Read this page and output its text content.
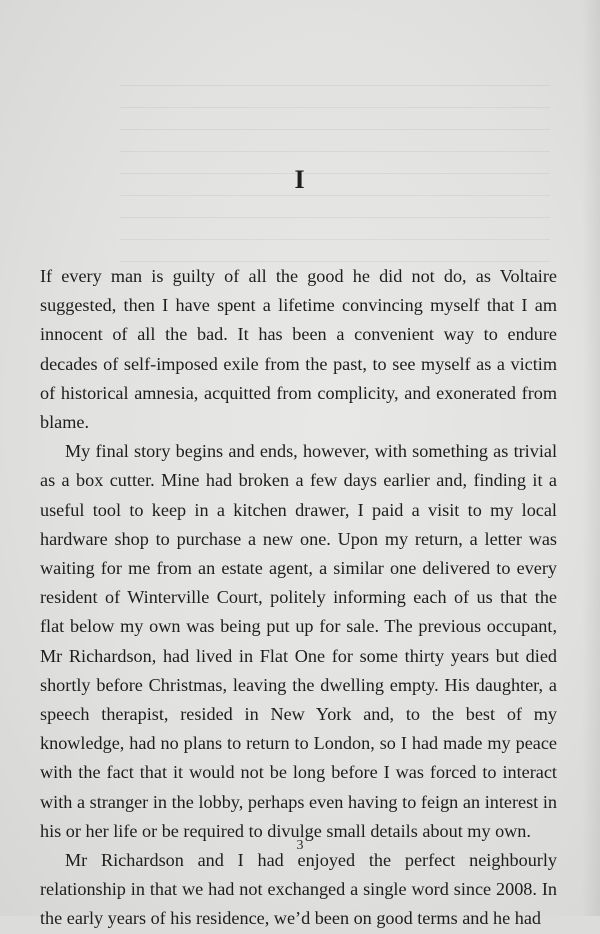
I

If every man is guilty of all the good he did not do, as Voltaire suggested, then I have spent a lifetime convincing myself that I am innocent of all the bad. It has been a convenient way to endure decades of self-imposed exile from the past, to see myself as a victim of historical amnesia, acquitted from complicity, and exonerated from blame.

My final story begins and ends, however, with something as trivial as a box cutter. Mine had broken a few days earlier and, finding it a useful tool to keep in a kitchen drawer, I paid a visit to my local hardware shop to purchase a new one. Upon my return, a letter was waiting for me from an estate agent, a similar one delivered to every resident of Winterville Court, politely informing each of us that the flat below my own was being put up for sale. The previous occupant, Mr Richardson, had lived in Flat One for some thirty years but died shortly before Christmas, leaving the dwelling empty. His daughter, a speech therapist, resided in New York and, to the best of my knowledge, had no plans to return to London, so I had made my peace with the fact that it would not be long before I was forced to interact with a stranger in the lobby, perhaps even having to feign an interest in his or her life or be required to divulge small details about my own.

Mr Richardson and I had enjoyed the perfect neighbourly relationship in that we had not exchanged a single word since 2008. In the early years of his residence, we’d been on good terms and he had

3
